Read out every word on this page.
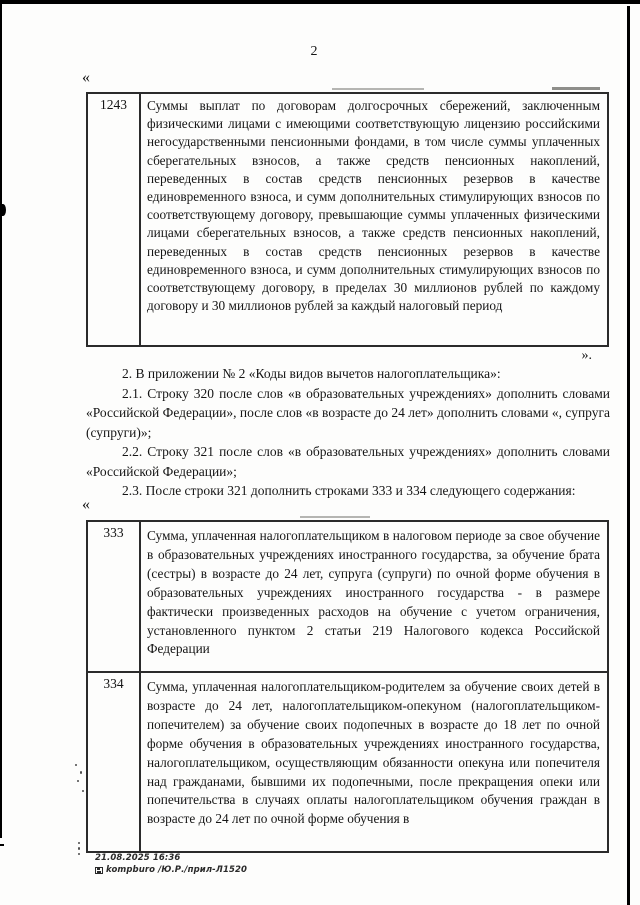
2
«
1243	Суммы выплат по договорам долгосрочных сбережений, заключенным физическими лицами с имеющими соответствующую лицензию российскими негосударственными пенсионными фондами, в том числе суммы уплаченных сберегательных взносов, а также средств пенсионных накоплений, переведенных в состав средств пенсионных резервов в качестве единовременного взноса, и сумм дополнительных стимулирующих взносов по соответствующему договору, превышающие суммы уплаченных физическими лицами сберегательных взносов, а также средств пенсионных накоплений, переведенных в состав средств пенсионных резервов в качестве единовременного взноса, и сумм дополнительных стимулирующих взносов по соответствующему договору, в пределах 30 миллионов рублей по каждому договору и 30 миллионов рублей за каждый налоговый период
».

2. В приложении № 2 «Коды видов вычетов налогоплательщика»:

2.1. Строку 320 после слов «в образовательных учреждениях» дополнить словами «Российской Федерации», после слов «в возрасте до 24 лет» дополнить словами «, супруга (супруги)»;

2.2. Строку 321 после слов «в образовательных учреждениях» дополнить словами «Российской Федерации»;

2.3. После строки 321 дополнить строками 333 и 334 следующего содержания:

«
333	Сумма, уплаченная налогоплательщиком в налоговом периоде за свое обучение в образовательных учреждениях иностранного государства, за обучение брата (сестры) в возрасте до 24 лет, супруга (супруги) по очной форме обучения в образовательных учреждениях иностранного государства - в размере фактически произведенных расходов на обучение с учетом ограничения, установленного пунктом 2 статьи 219 Налогового кодекса Российской Федерации
334	Сумма, уплаченная налогоплательщиком-родителем за обучение своих детей в возрасте до 24 лет, налогоплательщиком-опекуном (налогоплательщиком-попечителем) за обучение своих подопечных в возрасте до 18 лет по очной форме обучения в образовательных учреждениях иностранного государства, налогоплательщиком, осуществляющим обязанности опекуна или попечителя над гражданами, бывшими их подопечными, после прекращения опеки или попечительства в случаях оплаты налогоплательщиком обучения граждан в возрасте до 24 лет по очной форме обучения в
21.08.2025 16:36
kompburo /Ю.Р./прил-Л1520
